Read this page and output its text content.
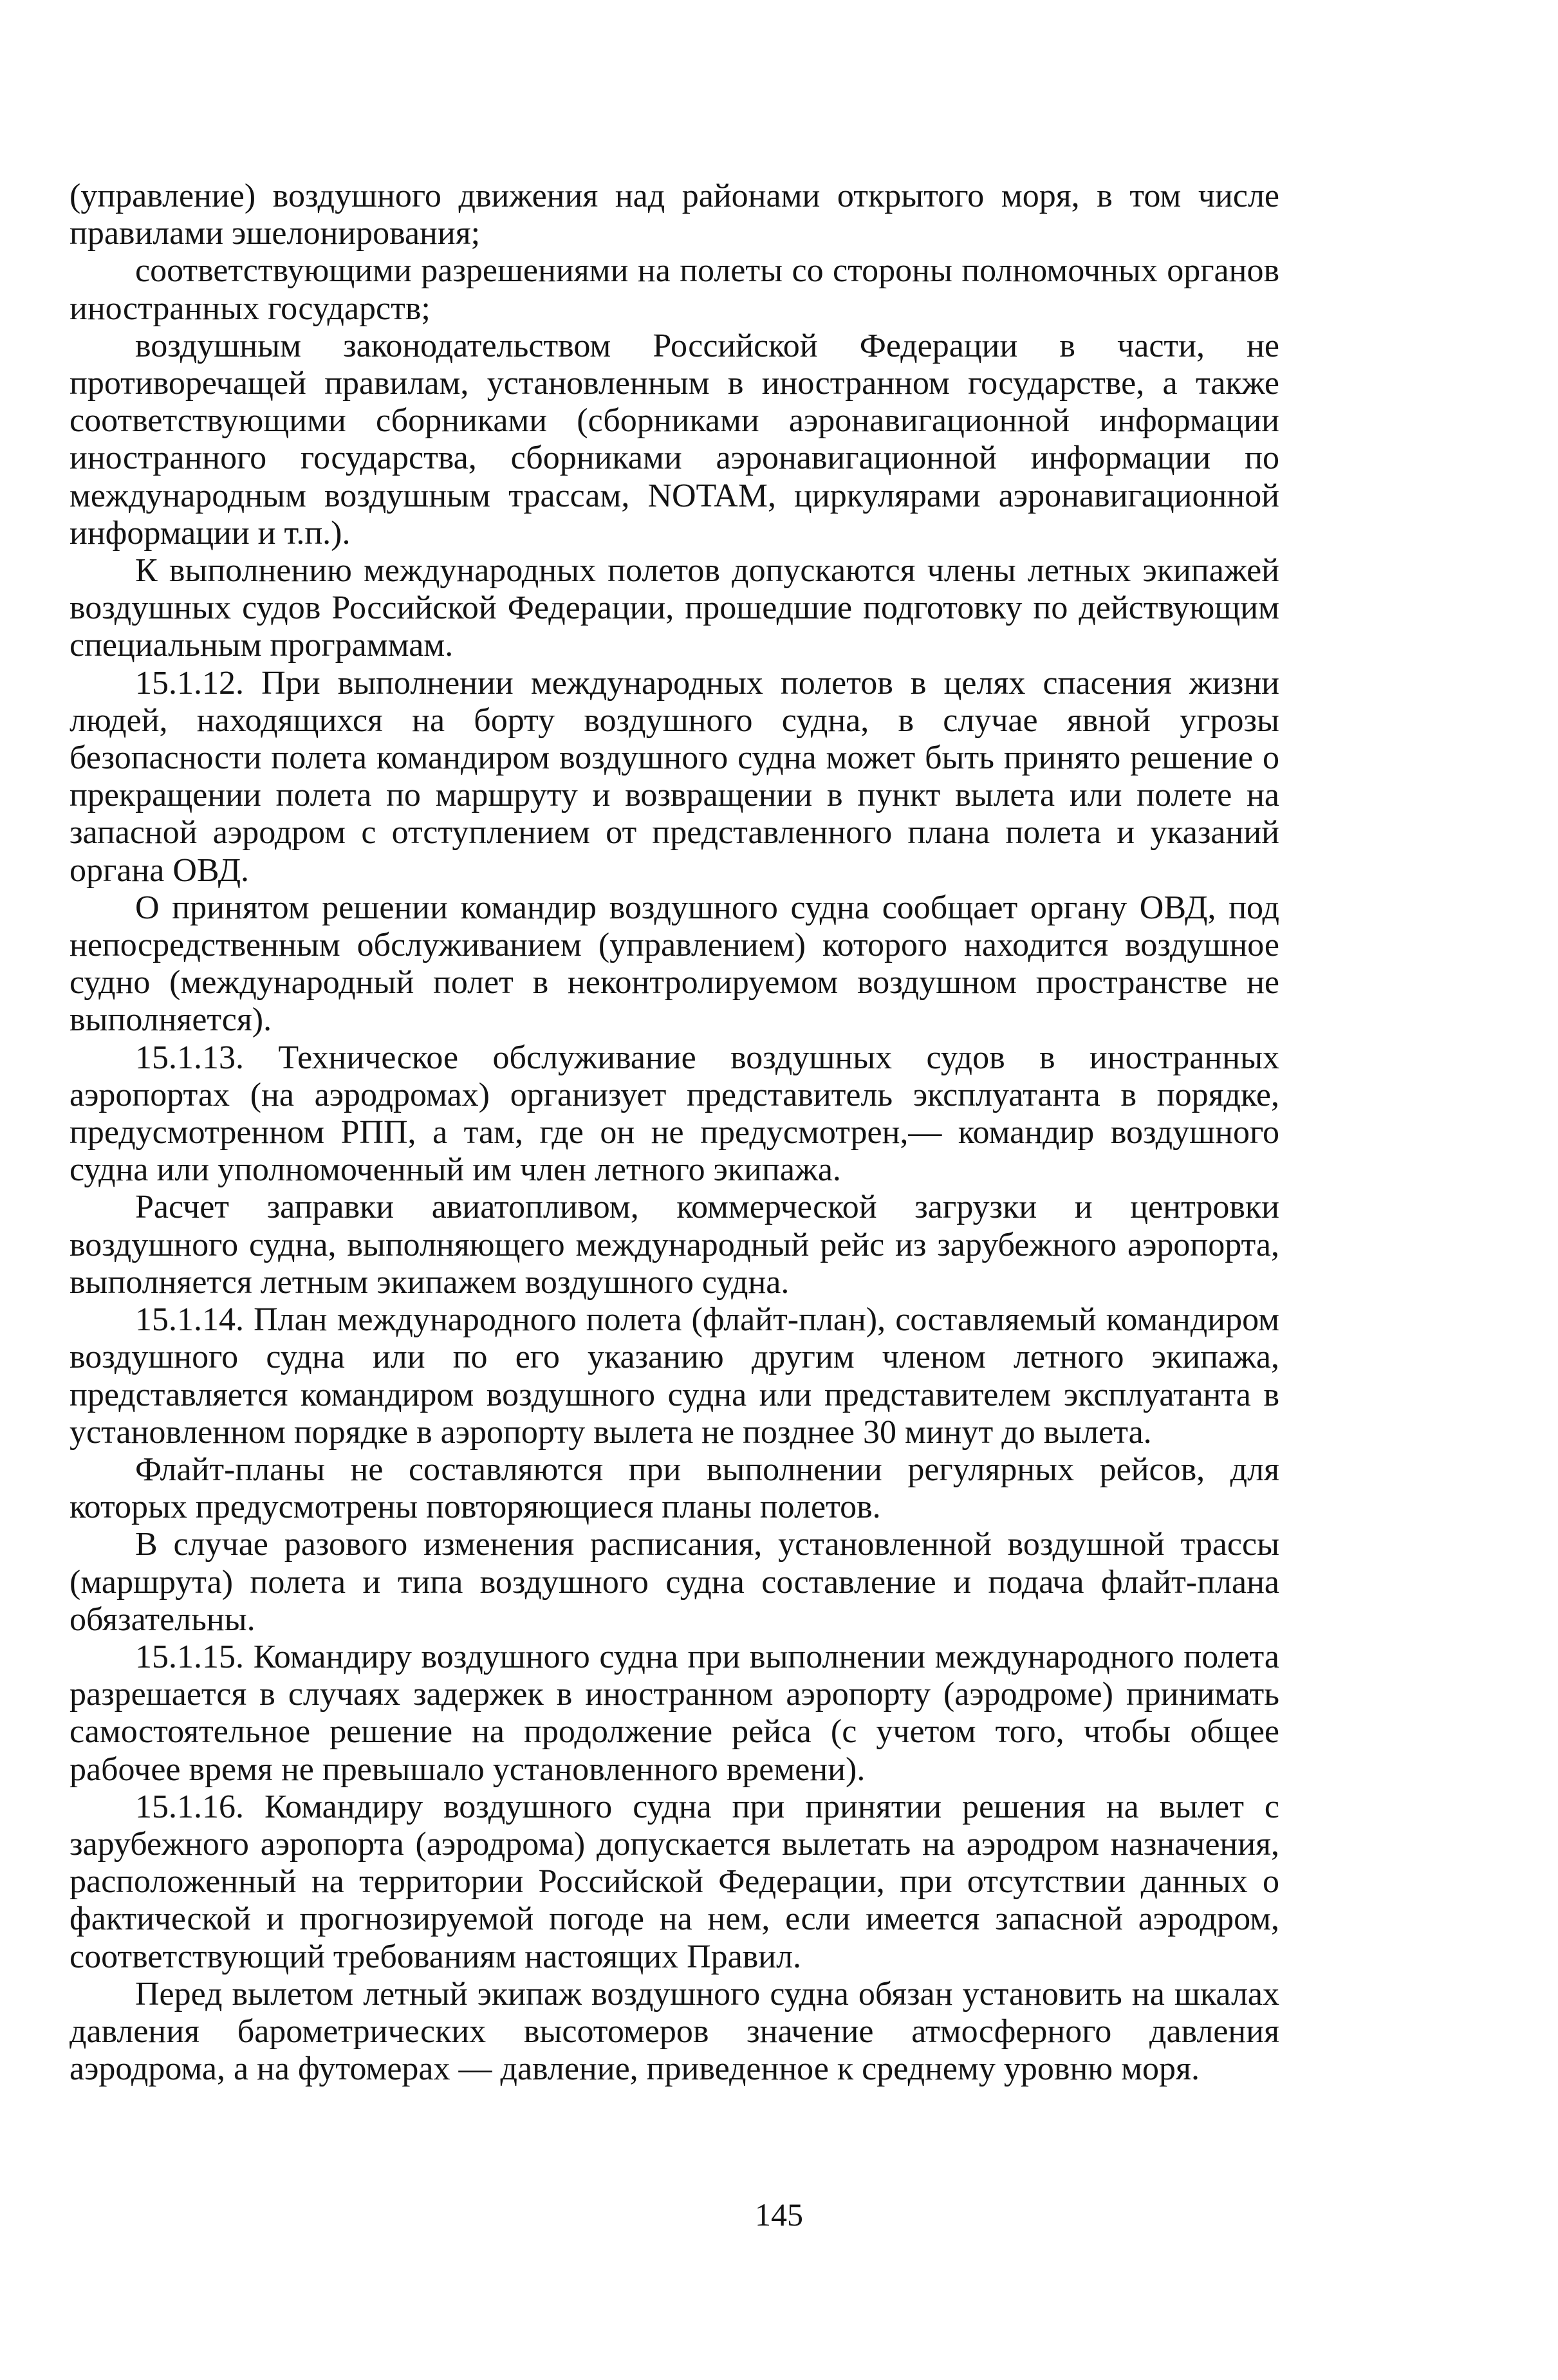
(управление) воздушного движения над районами открытого моря, в том числе правилами эшелонирования;

соответствующими разрешениями на полеты со стороны полномочных органов иностранных государств;

воздушным законодательством Российской Федерации в части, не противоречащей правилам, установленным в иностранном государстве, а также соответствующими сборниками (сборниками аэронавигационной информации иностранного государства, сборниками аэронавигационной информации по международным воздушным трассам, NOTAM, циркулярами аэронавигационной информации и т.п.).

К выполнению международных полетов допускаются члены летных экипажей воздушных судов Российской Федерации, прошедшие подготовку по действующим специальным программам.

15.1.12. При выполнении международных полетов в целях спасения жизни людей, находящихся на борту воздушного судна, в случае явной угрозы безопасности полета командиром воздушного судна может быть принято решение о прекращении полета по маршруту и возвращении в пункт вылета или полете на запасной аэродром с отступлением от представленного плана полета и указаний органа ОВД.

О принятом решении командир воздушного судна сообщает органу ОВД, под непосредственным обслуживанием (управлением) которого находится воздушное судно (международный полет в неконтролируемом воздушном пространстве не выполняется).

15.1.13. Техническое обслуживание воздушных судов в иностранных аэропортах (на аэродромах) организует представитель эксплуатанта в порядке, предусмотренном РПП, а там, где он не предусмотрен,— командир воздушного судна или уполномоченный им член летного экипажа.

Расчет заправки авиатопливом, коммерческой загрузки и центровки воздушного судна, выполняющего международный рейс из зарубежного аэропорта, выполняется летным экипажем воздушного судна.

15.1.14. План международного полета (флайт-план), составляемый командиром воздушного судна или по его указанию другим членом летного экипажа, представляется командиром воздушного судна или представителем эксплуатанта в установленном порядке в аэропорту вылета не позднее 30 минут до вылета.

Флайт-планы не составляются при выполнении регулярных рейсов, для которых предусмотрены повторяющиеся планы полетов.

В случае разового изменения расписания, установленной воздушной трассы (маршрута) полета и типа воздушного судна составление и подача флайт-плана обязательны.

15.1.15. Командиру воздушного судна при выполнении международного полета разрешается в случаях задержек в иностранном аэропорту (аэродроме) принимать самостоятельное решение на продолжение рейса (с учетом того, чтобы общее рабочее время не превышало установленного времени).

15.1.16. Командиру воздушного судна при принятии решения на вылет с зарубежного аэропорта (аэродрома) допускается вылетать на аэродром назначения, расположенный на территории Российской Федерации, при отсутствии данных о фактической и прогнозируемой погоде на нем, если имеется запасной аэродром, соответствующий требованиям настоящих Правил.

Перед вылетом летный экипаж воздушного судна обязан установить на шкалах давления барометрических высотомеров значение атмосферного давления аэродрома, а на футомерах — давление, приведенное к среднему уровню моря.

145
